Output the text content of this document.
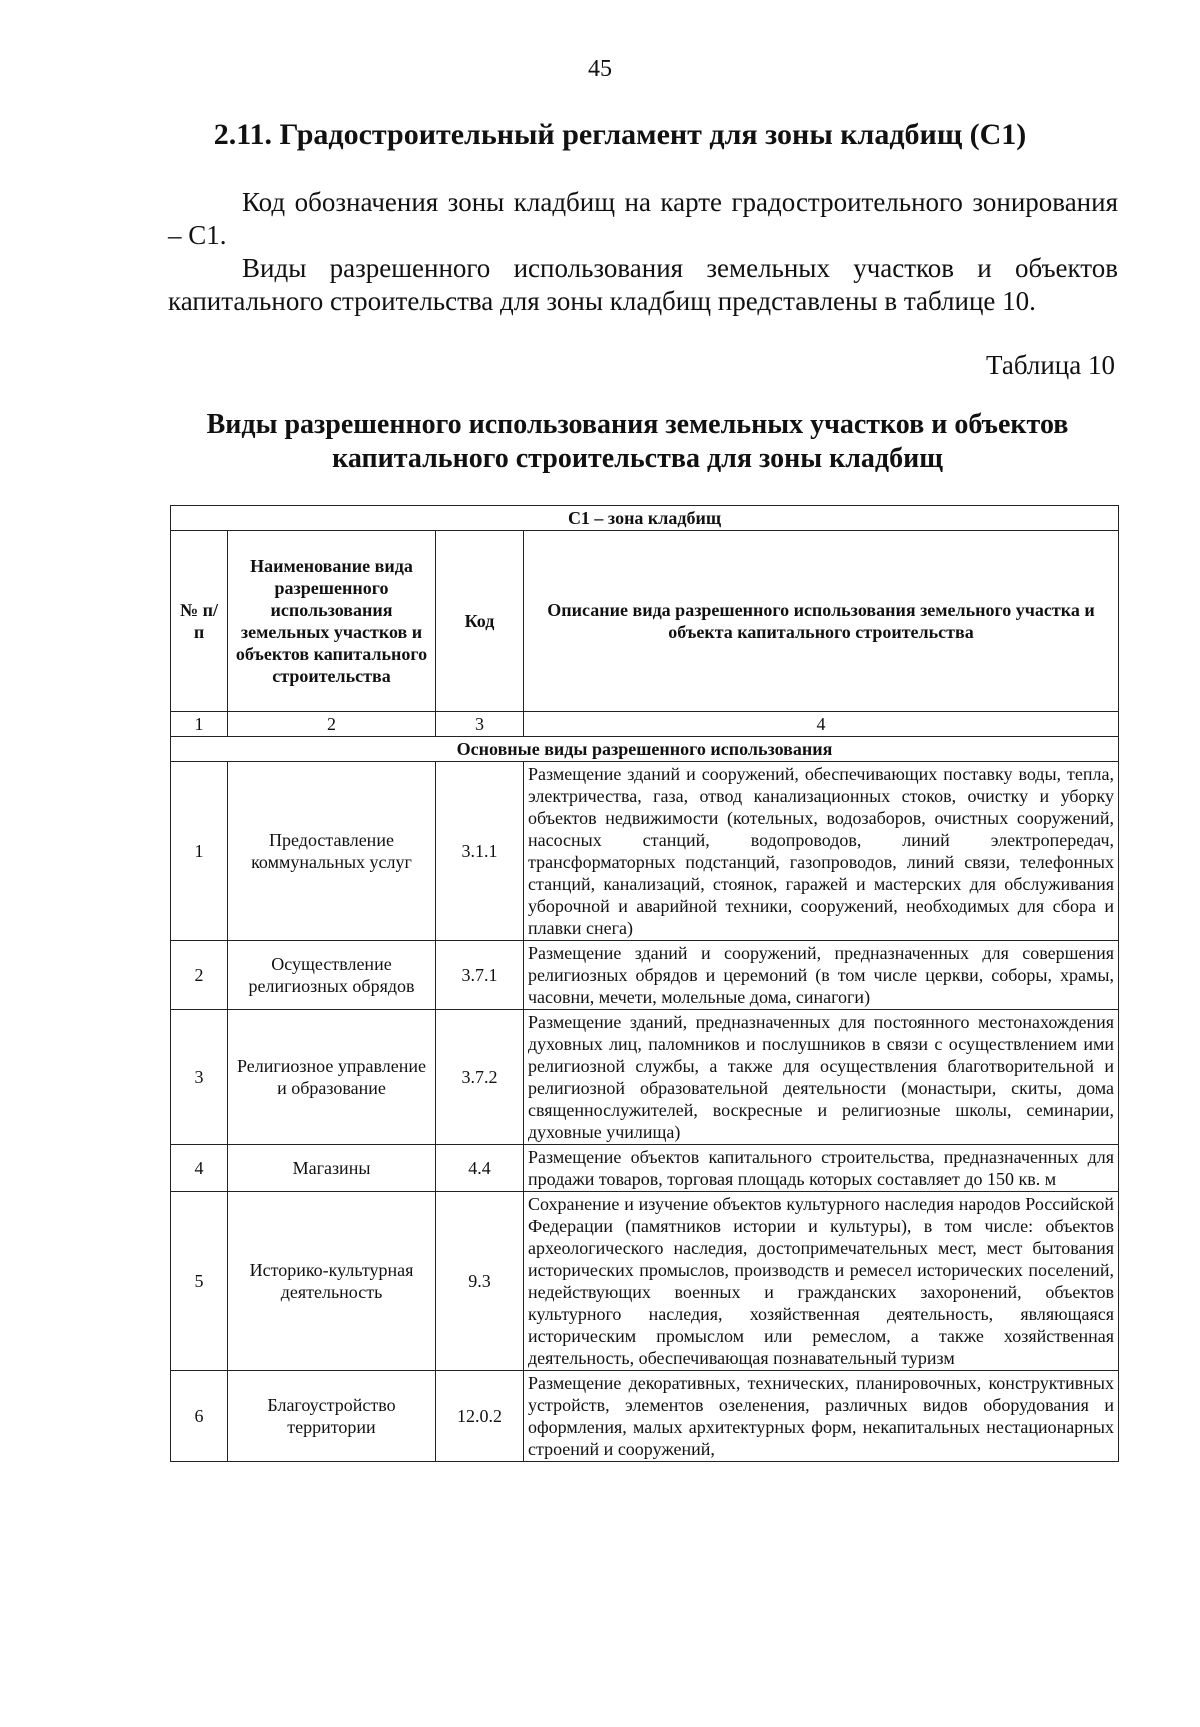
45
2.11. Градостроительный регламент для зоны кладбищ (С1)
Код обозначения зоны кладбищ на карте градостроительного зонирования – С1.
Виды разрешенного использования земельных участков и объектов капитального строительства для зоны кладбищ представлены в таблице 10.
Таблица 10
Виды разрешенного использования земельных участков и объектов капитального строительства для зоны кладбищ
С1 – зона кладбищ			
№ п/п	Наименование вида разрешенного использования земельных участков и объектов капитального строительства	Код	Описание вида разрешенного использования земельного участка и объекта капитального строительства
1	2	3	4
Основные виды разрешенного использования			
1	Предоставление коммунальных услуг	3.1.1	Размещение зданий и сооружений, обеспечивающих поставку воды, тепла, электричества, газа, отвод канализационных стоков, очистку и уборку объектов недвижимости (котельных, водозаборов, очистных сооружений, насосных станций, водопроводов, линий электропередач, трансформаторных подстанций, газопроводов, линий связи, телефонных станций, канализаций, стоянок, гаражей и мастерских для обслуживания уборочной и аварийной техники, сооружений, необходимых для сбора и плавки снега)
2	Осуществление религиозных обрядов	3.7.1	Размещение зданий и сооружений, предназначенных для совершения религиозных обрядов и церемоний (в том числе церкви, соборы, храмы, часовни, мечети, молельные дома, синагоги)
3	Религиозное управление и образование	3.7.2	Размещение зданий, предназначенных для постоянного местонахождения духовных лиц, паломников и послушников в связи с осуществлением ими религиозной службы, а также для осуществления благотворительной и религиозной образовательной деятельности (монастыри, скиты, дома священнослужителей, воскресные и религиозные школы, семинарии, духовные училища)
4	Магазины	4.4	Размещение объектов капитального строительства, предназначенных для продажи товаров, торговая площадь которых составляет до 150 кв. м
5	Историко-культурная деятельность	9.3	Сохранение и изучение объектов культурного наследия народов Российской Федерации (памятников истории и культуры), в том числе: объектов археологического наследия, достопримечательных мест, мест бытования исторических промыслов, производств и ремесел исторических поселений, недействующих военных и гражданских захоронений, объектов культурного наследия, хозяйственная деятельность, являющаяся историческим промыслом или ремеслом, а также хозяйственная деятельность, обеспечивающая познавательный туризм
6	Благоустройство территории	12.0.2	Размещение декоративных, технических, планировочных, конструктивных устройств, элементов озеленения, различных видов оборудования и оформления, малых архитектурных форм, некапитальных нестационарных строений и сооружений,
